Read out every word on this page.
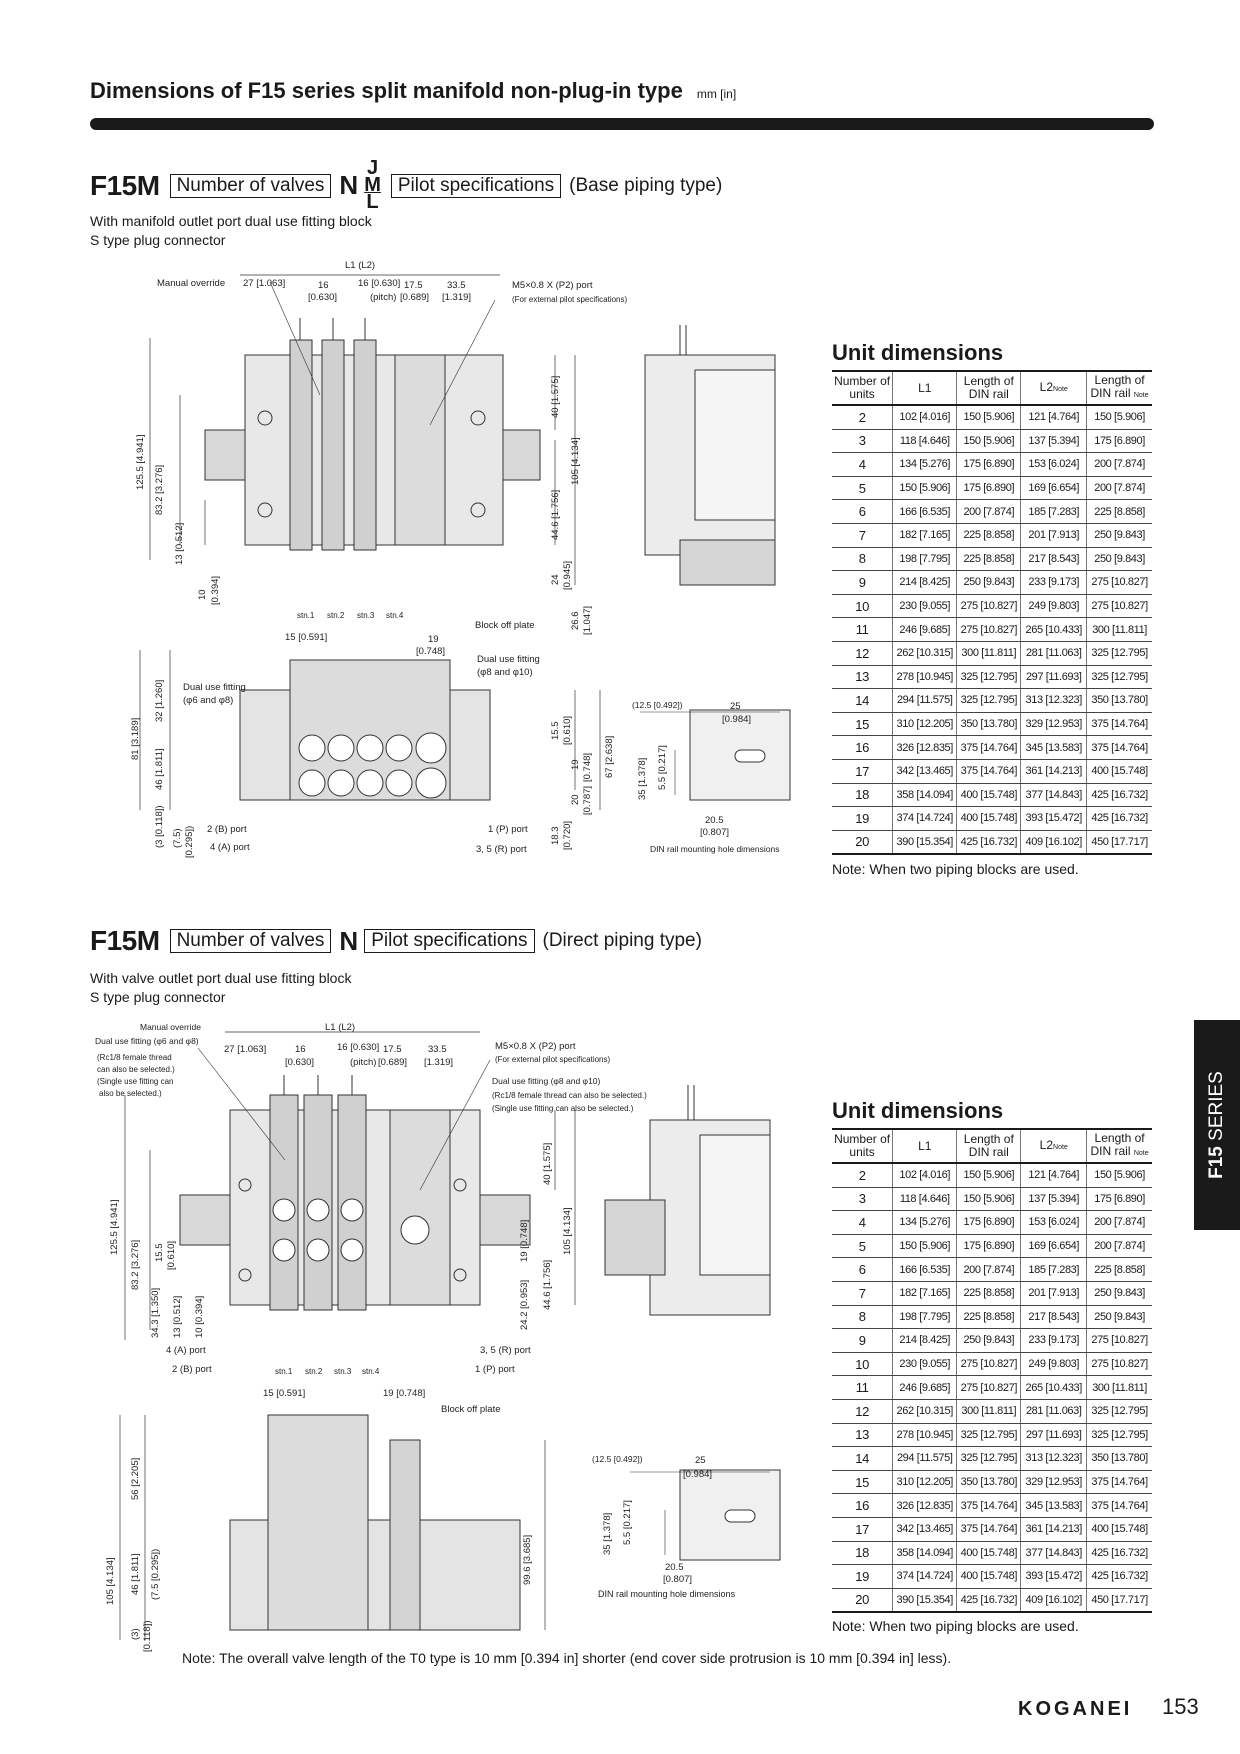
Dimensions of F15 series split manifold non-plug-in type mm [in]
F15M Number of valves N
J
M
L
Pilot specifications (Base piping type)
With manifold outlet port dual use fitting block
S type plug connector
L1 (L2)
Manual override 27 [1.063]	16
[0.630]
16 [0.630]
(pitch)
17.5
[0.689]
33.5
[1.319]
M5×0.8 X (P2) port
(For external pilot specifications)
125.5 [4.941] 83.2 [3.276]
13 [0.512]
10 [0.394]
40 [1.575]
105 [4.134]
44.6 [1.756]
24 [0.945]
26.6 [1.047]
stn.1 stn.2 stn.3 stn.4
15 [0.591]	19
[0.748]
Block off plate
Dual use fitting
(φ8 and φ10)
Dual use fitting
(φ6 and φ8)
81 [3.189]
32 [1.260]
46 [1.811]
(3 [0.118]) (7.5) [0.295]) 2 (B) port
4 (A) port
1 (P) port
3, 5 (R) port
15.5 [0.610]
19 [0.748]
20 [0.787]
67 [2.638]
18.3 [0.720]
(12.5 [0.492])	25
[0.984]
35 [1.378] 5.5 [0.217]
20.5
[0.807]
DIN rail mounting hole dimensions
Unit dimensions
Number of units	L1	Length of DIN rail	L2Note	Length of DIN rail Note
2	102 [4.016]	150 [5.906]	121 [4.764]	150 [5.906]
3	118 [4.646]	150 [5.906]	137 [5.394]	175 [6.890]
4	134 [5.276]	175 [6.890]	153 [6.024]	200 [7.874]
5	150 [5.906]	175 [6.890]	169 [6.654]	200 [7.874]
6	166 [6.535]	200 [7.874]	185 [7.283]	225 [8.858]
7	182 [7.165]	225 [8.858]	201 [7.913]	250 [9.843]
8	198 [7.795]	225 [8.858]	217 [8.543]	250 [9.843]
9	214 [8.425]	250 [9.843]	233 [9.173]	275 [10.827]
10	230 [9.055]	275 [10.827]	249 [9.803]	275 [10.827]
11	246 [9.685]	275 [10.827]	265 [10.433]	300 [11.811]
12	262 [10.315]	300 [11.811]	281 [11.063]	325 [12.795]
13	278 [10.945]	325 [12.795]	297 [11.693]	325 [12.795]
14	294 [11.575]	325 [12.795]	313 [12.323]	350 [13.780]
15	310 [12.205]	350 [13.780]	329 [12.953]	375 [14.764]
16	326 [12.835]	375 [14.764]	345 [13.583]	375 [14.764]
17	342 [13.465]	375 [14.764]	361 [14.213]	400 [15.748]
18	358 [14.094]	400 [15.748]	377 [14.843]	425 [16.732]
19	374 [14.724]	400 [15.748]	393 [15.472]	425 [16.732]
20	390 [15.354]	425 [16.732]	409 [16.102]	450 [17.717]
Note: When two piping blocks are used.
F15M Number of valves N Pilot specifications (Direct piping type)
With valve outlet port dual use fitting block
S type plug connector
Manual override
Dual use fitting (φ6 and φ8)
(Rc1/8 female thread
can also be selected.)
(Single use fitting can
also be selected.)
L1 (L2)
27 [1.063]	16
[0.630]
16 [0.630]
(pitch)
17.5
[0.689]
33.5
[1.319]
M5×0.8 X (P2) port
(For external pilot specifications)
Dual use fitting (φ8 and φ10)
(Rc1/8 female thread can also be selected.)
(Single use fitting can also be selected.)
125.5 [4.941]
83.2 [3.276] 15.5 [0.610]
34.3 [1.350] 13 [0.512] 10 [0.394]
40 [1.575]
105 [4.134]
19 [0.748]
24.2 [0.953] 44.6 [1.756]
4 (A) port
2 (B) port
3, 5 (R) port
1 (P) port
stn.1 stn.2 stn.3 stn.4
15 [0.591]	19 [0.748]
Block off plate
105 [4.134]
56 [2.205]
46 [1.811] (7.5 [0.295])
(3) [0.118])
99.6 [3.685]
(12.5 [0.492])	25
[0.984]
35 [1.378] 5.5 [0.217]
20.5
[0.807]
DIN rail mounting hole dimensions
Unit dimensions
Number of units	L1	Length of DIN rail	L2Note	Length of DIN rail Note
2	102 [4.016]	150 [5.906]	121 [4.764]	150 [5.906]
3	118 [4.646]	150 [5.906]	137 [5.394]	175 [6.890]
4	134 [5.276]	175 [6.890]	153 [6.024]	200 [7.874]
5	150 [5.906]	175 [6.890]	169 [6.654]	200 [7.874]
6	166 [6.535]	200 [7.874]	185 [7.283]	225 [8.858]
7	182 [7.165]	225 [8.858]	201 [7.913]	250 [9.843]
8	198 [7.795]	225 [8.858]	217 [8.543]	250 [9.843]
9	214 [8.425]	250 [9.843]	233 [9.173]	275 [10.827]
10	230 [9.055]	275 [10.827]	249 [9.803]	275 [10.827]
11	246 [9.685]	275 [10.827]	265 [10.433]	300 [11.811]
12	262 [10.315]	300 [11.811]	281 [11.063]	325 [12.795]
13	278 [10.945]	325 [12.795]	297 [11.693]	325 [12.795]
14	294 [11.575]	325 [12.795]	313 [12.323]	350 [13.780]
15	310 [12.205]	350 [13.780]	329 [12.953]	375 [14.764]
16	326 [12.835]	375 [14.764]	345 [13.583]	375 [14.764]
17	342 [13.465]	375 [14.764]	361 [14.213]	400 [15.748]
18	358 [14.094]	400 [15.748]	377 [14.843]	425 [16.732]
19	374 [14.724]	400 [15.748]	393 [15.472]	425 [16.732]
20	390 [15.354]	425 [16.732]	409 [16.102]	450 [17.717]
Note: When two piping blocks are used.
F15 SERIES
Note: The overall valve length of the T0 type is 10 mm [0.394 in] shorter (end cover side protrusion is 10 mm [0.394 in] less).
KOGANEI 153
